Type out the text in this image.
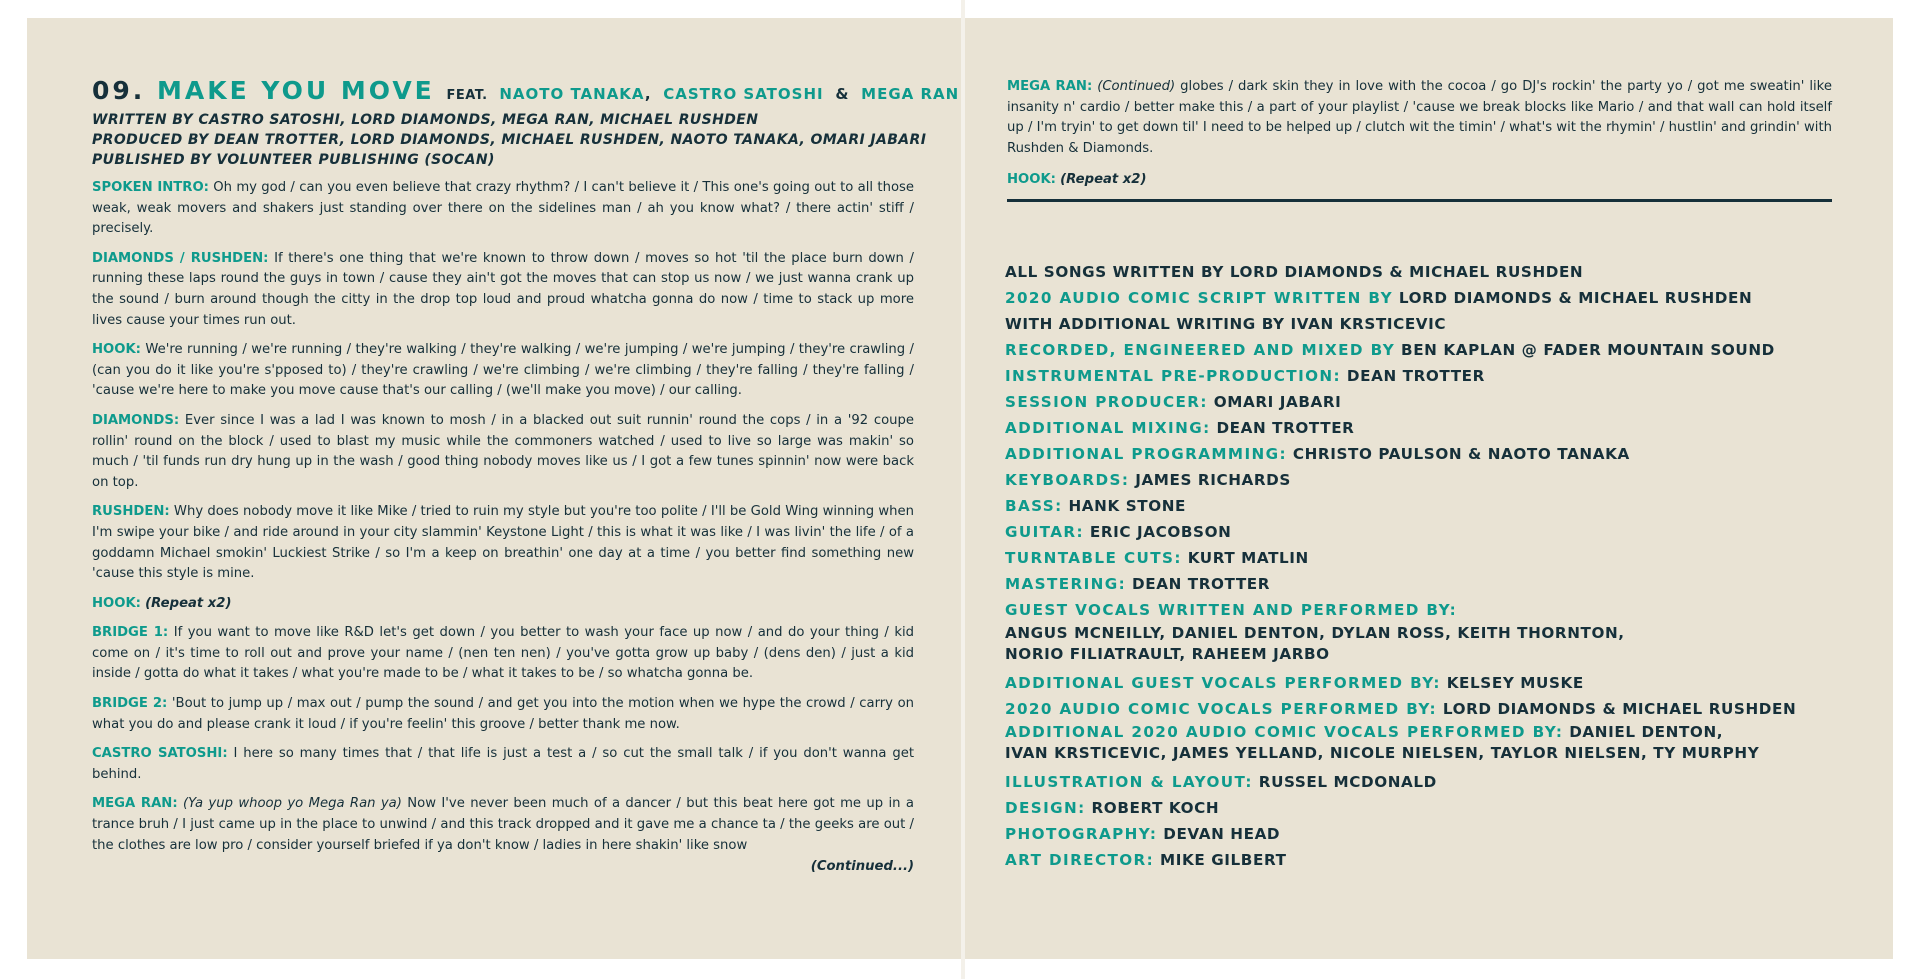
09. MAKE YOU MOVE FEAT. NAOTO TANAKA, CASTRO SATOSHI & MEGA RAN
WRITTEN BY CASTRO SATOSHI, LORD DIAMONDS, MEGA RAN, MICHAEL RUSHDEN
PRODUCED BY DEAN TROTTER, LORD DIAMONDS, MICHAEL RUSHDEN, NAOTO TANAKA, OMARI JABARI
PUBLISHED BY VOLUNTEER PUBLISHING (SOCAN)

SPOKEN INTRO: Oh my god / can you even believe that crazy rhythm? / I can't believe it / This one's going out to all those weak, weak movers and shakers just standing over there on the sidelines man / ah you know what? / there actin' stiff / precisely.

DIAMONDS / RUSHDEN: If there's one thing that we're known to throw down / moves so hot 'til the place burn down / running these laps round the guys in town / cause they ain't got the moves that can stop us now / we just wanna crank up the sound / burn around though the citty in the drop top loud and proud whatcha gonna do now / time to stack up more lives cause your times run out.

HOOK: We're running / we're running / they're walking / they're walking / we're jumping / we're jumping / they're crawling / (can you do it like you're s'pposed to) / they're crawling / we're climbing / we're climbing / they're falling / they're falling / 'cause we're here to make you move cause that's our calling / (we'll make you move) / our calling.

DIAMONDS: Ever since I was a lad I was known to mosh / in a blacked out suit runnin' round the cops / in a '92 coupe rollin' round on the block / used to blast my music while the commoners watched / used to live so large was makin' so much / 'til funds run dry hung up in the wash / good thing nobody moves like us / I got a few tunes spinnin' now were back on top.

RUSHDEN: Why does nobody move it like Mike / tried to ruin my style but you're too polite / I'll be Gold Wing winning when I'm swipe your bike / and ride around in your city slammin' Keystone Light / this is what it was like / I was livin' the life / of a goddamn Michael smokin' Luckiest Strike / so I'm a keep on breathin' one day at a time / you better find something new 'cause this style is mine.

HOOK: (Repeat x2)

BRIDGE 1: If you want to move like R&D let's get down / you better to wash your face up now / and do your thing / kid come on / it's time to roll out and prove your name / (nen ten nen) / you've gotta grow up baby / (dens den) / just a kid inside / gotta do what it takes / what you're made to be / what it takes to be / so whatcha gonna be.

BRIDGE 2: 'Bout to jump up / max out / pump the sound / and get you into the motion when we hype the crowd / carry on what you do and please crank it loud / if you're feelin' this groove / better thank me now.

CASTRO SATOSHI: I here so many times that / that life is just a test a / so cut the small talk / if you don't wanna get behind.

MEGA RAN: (Ya yup whoop yo Mega Ran ya) Now I've never been much of a dancer / but this beat here got me up in a trance bruh / I just came up in the place to unwind / and this track dropped and it gave me a chance ta / the geeks are out / the clothes are low pro / consider yourself briefed if ya don't know / ladies in here shakin' like snow

(Continued...)

MEGA RAN: (Continued) globes / dark skin they in love with the cocoa / go DJ's rockin' the party yo / got me sweatin' like insanity n' cardio / better make this / a part of your playlist / 'cause we break blocks like Mario / and that wall can hold itself up / I'm tryin' to get down til' I need to be helped up / clutch wit the timin' / what's wit the rhymin' / hustlin' and grindin' with Rushden & Diamonds.

HOOK: (Repeat x2)

ALL SONGS WRITTEN BY LORD DIAMONDS & MICHAEL RUSHDEN
2020 AUDIO COMIC SCRIPT WRITTEN BY LORD DIAMONDS & MICHAEL RUSHDEN
WITH ADDITIONAL WRITING BY IVAN KRSTICEVIC
RECORDED, ENGINEERED AND MIXED BY BEN KAPLAN @ FADER MOUNTAIN SOUND
INSTRUMENTAL PRE-PRODUCTION: DEAN TROTTER
SESSION PRODUCER: OMARI JABARI
ADDITIONAL MIXING: DEAN TROTTER
ADDITIONAL PROGRAMMING: CHRISTO PAULSON & NAOTO TANAKA
KEYBOARDS: JAMES RICHARDS
BASS: HANK STONE
GUITAR: ERIC JACOBSON
TURNTABLE CUTS: KURT MATLIN
MASTERING: DEAN TROTTER
GUEST VOCALS WRITTEN AND PERFORMED BY:
ANGUS MCNEILLY, DANIEL DENTON, DYLAN ROSS, KEITH THORNTON,
NORIO FILIATRAULT, RAHEEM JARBO
ADDITIONAL GUEST VOCALS PERFORMED BY: KELSEY MUSKE
2020 AUDIO COMIC VOCALS PERFORMED BY: LORD DIAMONDS & MICHAEL RUSHDEN
ADDITIONAL 2020 AUDIO COMIC VOCALS PERFORMED BY: DANIEL DENTON,
IVAN KRSTICEVIC, JAMES YELLAND, NICOLE NIELSEN, TAYLOR NIELSEN, TY MURPHY
ILLUSTRATION & LAYOUT: RUSSEL MCDONALD
DESIGN: ROBERT KOCH
PHOTOGRAPHY: DEVAN HEAD
ART DIRECTOR: MIKE GILBERT
